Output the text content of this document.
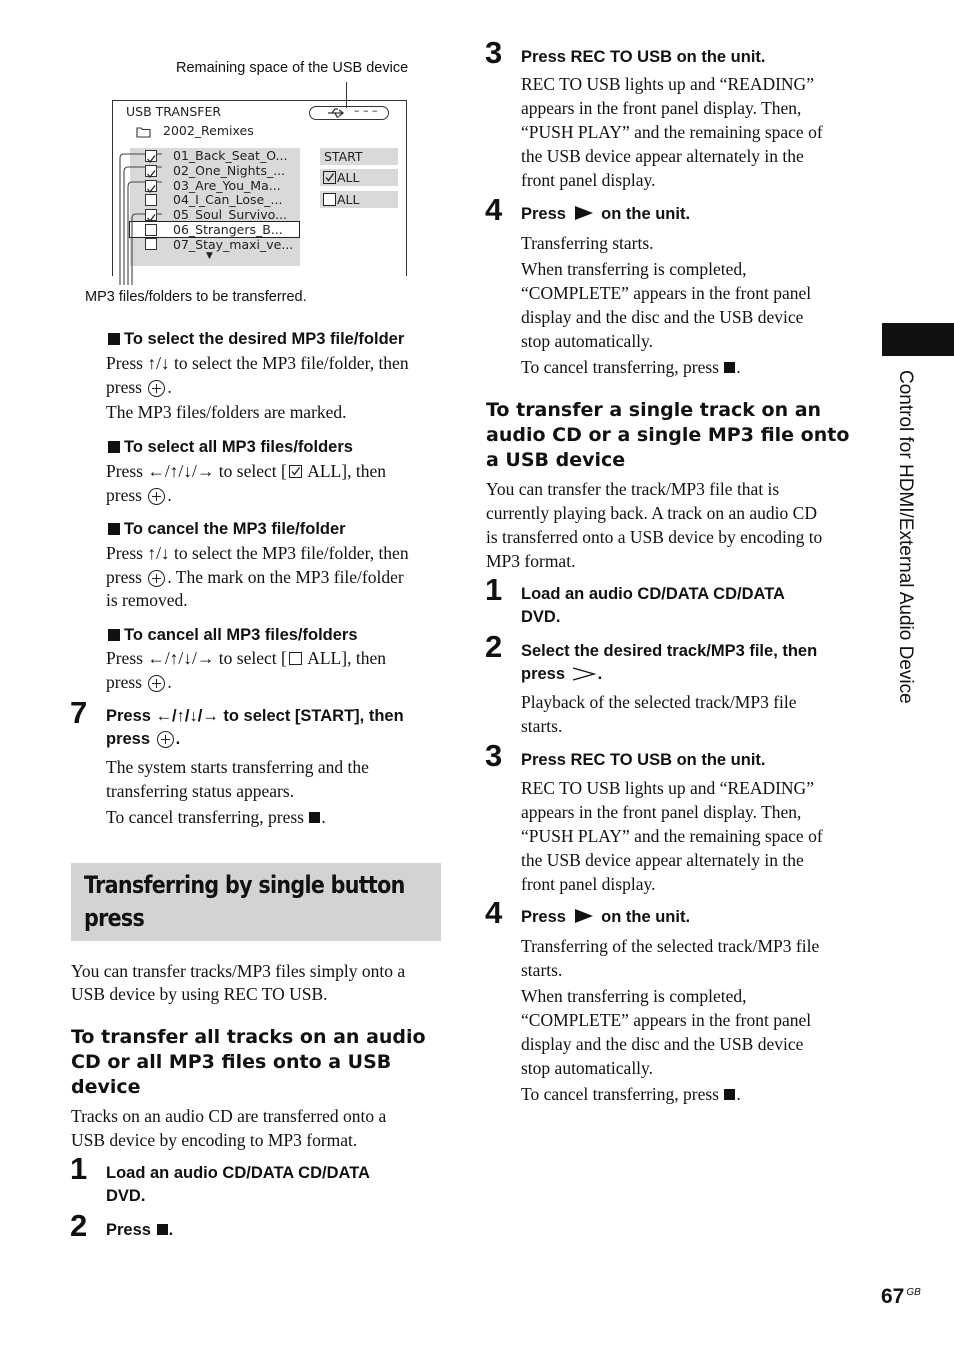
Remaining space of the USB device
USB TRANSFER	– – –
2002_Remixes
01_Back_Seat_O...
02_One_Nights_...
03_Are_You_Ma...
04_I_Can_Lose_...
05_Soul_Survivo...
06_Strangers_B...
07_Stay_maxi_ve...
▼
START
ALL
ALL
MP3 files/folders to be transferred.
To select the desired MP3 file/folder
Press ↑/↓ to select the MP3 file/folder, then
press .
The MP3 files/folders are marked.
To select all MP3 files/folders
Press ←/↑/↓/→ to select [ ALL], then
press .
To cancel the MP3 file/folder
Press ↑/↓ to select the MP3 file/folder, then
press . The mark on the MP3 file/folder
is removed.
To cancel all MP3 files/folders
Press ←/↑/↓/→ to select [ ALL], then
press .
7 Press ←/↑/↓/→ to select [START], then
press .
The system starts transferring and the
transferring status appears.
To cancel transferring, press .
Transferring by single button
press
You can transfer tracks/MP3 files simply onto a
USB device by using REC TO USB.
To transfer all tracks on an audio
CD or all MP3 files onto a USB
device
Tracks on an audio CD are transferred onto a
USB device by encoding to MP3 format.
1 Load an audio CD/DATA CD/DATA
DVD.
2 Press .
3 Press REC TO USB on the unit.
REC TO USB lights up and “READING”
appears in the front panel display. Then,
“PUSH PLAY” and the remaining space of
the USB device appear alternately in the
front panel display.
4 Press on the unit.
Transferring starts.
When transferring is completed,
“COMPLETE” appears in the front panel
display and the disc and the USB device
stop automatically.
To cancel transferring, press .
To transfer a single track on an
audio CD or a single MP3 file onto
a USB device
You can transfer the track/MP3 file that is
currently playing back. A track on an audio CD
is transferred onto a USB device by encoding to
MP3 format.
1 Load an audio CD/DATA CD/DATA
DVD.
2 Select the desired track/MP3 file, then
press .
Playback of the selected track/MP3 file
starts.
3 Press REC TO USB on the unit.
REC TO USB lights up and “READING”
appears in the front panel display. Then,
“PUSH PLAY” and the remaining space of
the USB device appear alternately in the
front panel display.
4 Press on the unit.
Transferring of the selected track/MP3 file
starts.
When transferring is completed,
“COMPLETE” appears in the front panel
display and the disc and the USB device
stop automatically.
To cancel transferring, press .
Control for HDMI/External Audio Device
67 $^{GB}$
